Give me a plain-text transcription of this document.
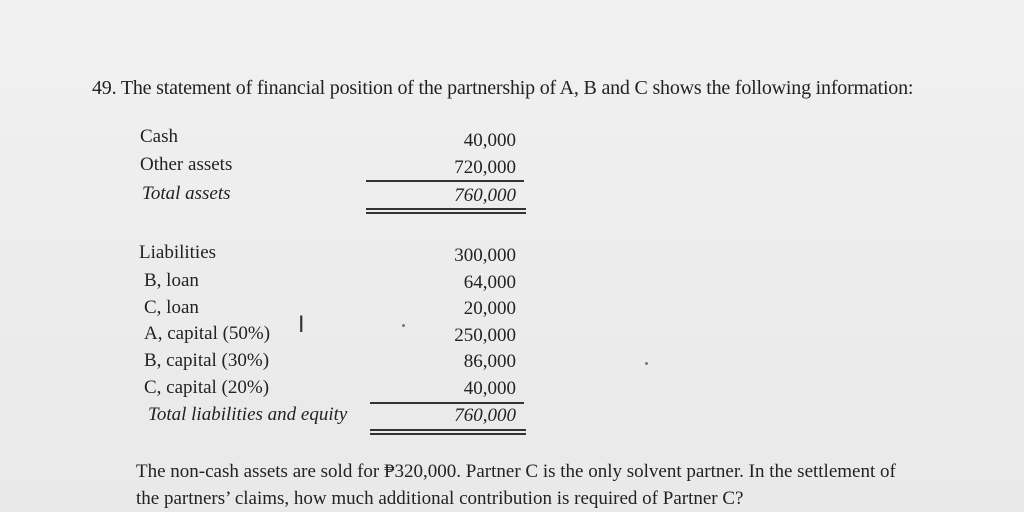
49. The statement of financial position of the partnership of A, B and C shows the following information:
Cash	40,000
Other assets	720,000
Total assets	760,000
Liabilities	300,000
B, loan	64,000
C, loan	20,000
A, capital (50%)	250,000
B, capital (30%)	86,000
C, capital (20%)	40,000
Total liabilities and equity	760,000
I
The non-cash assets are sold for ₱320,000. Partner C is the only solvent partner. In the settlement of
the partners’ claims, how much additional contribution is required of Partner C?
